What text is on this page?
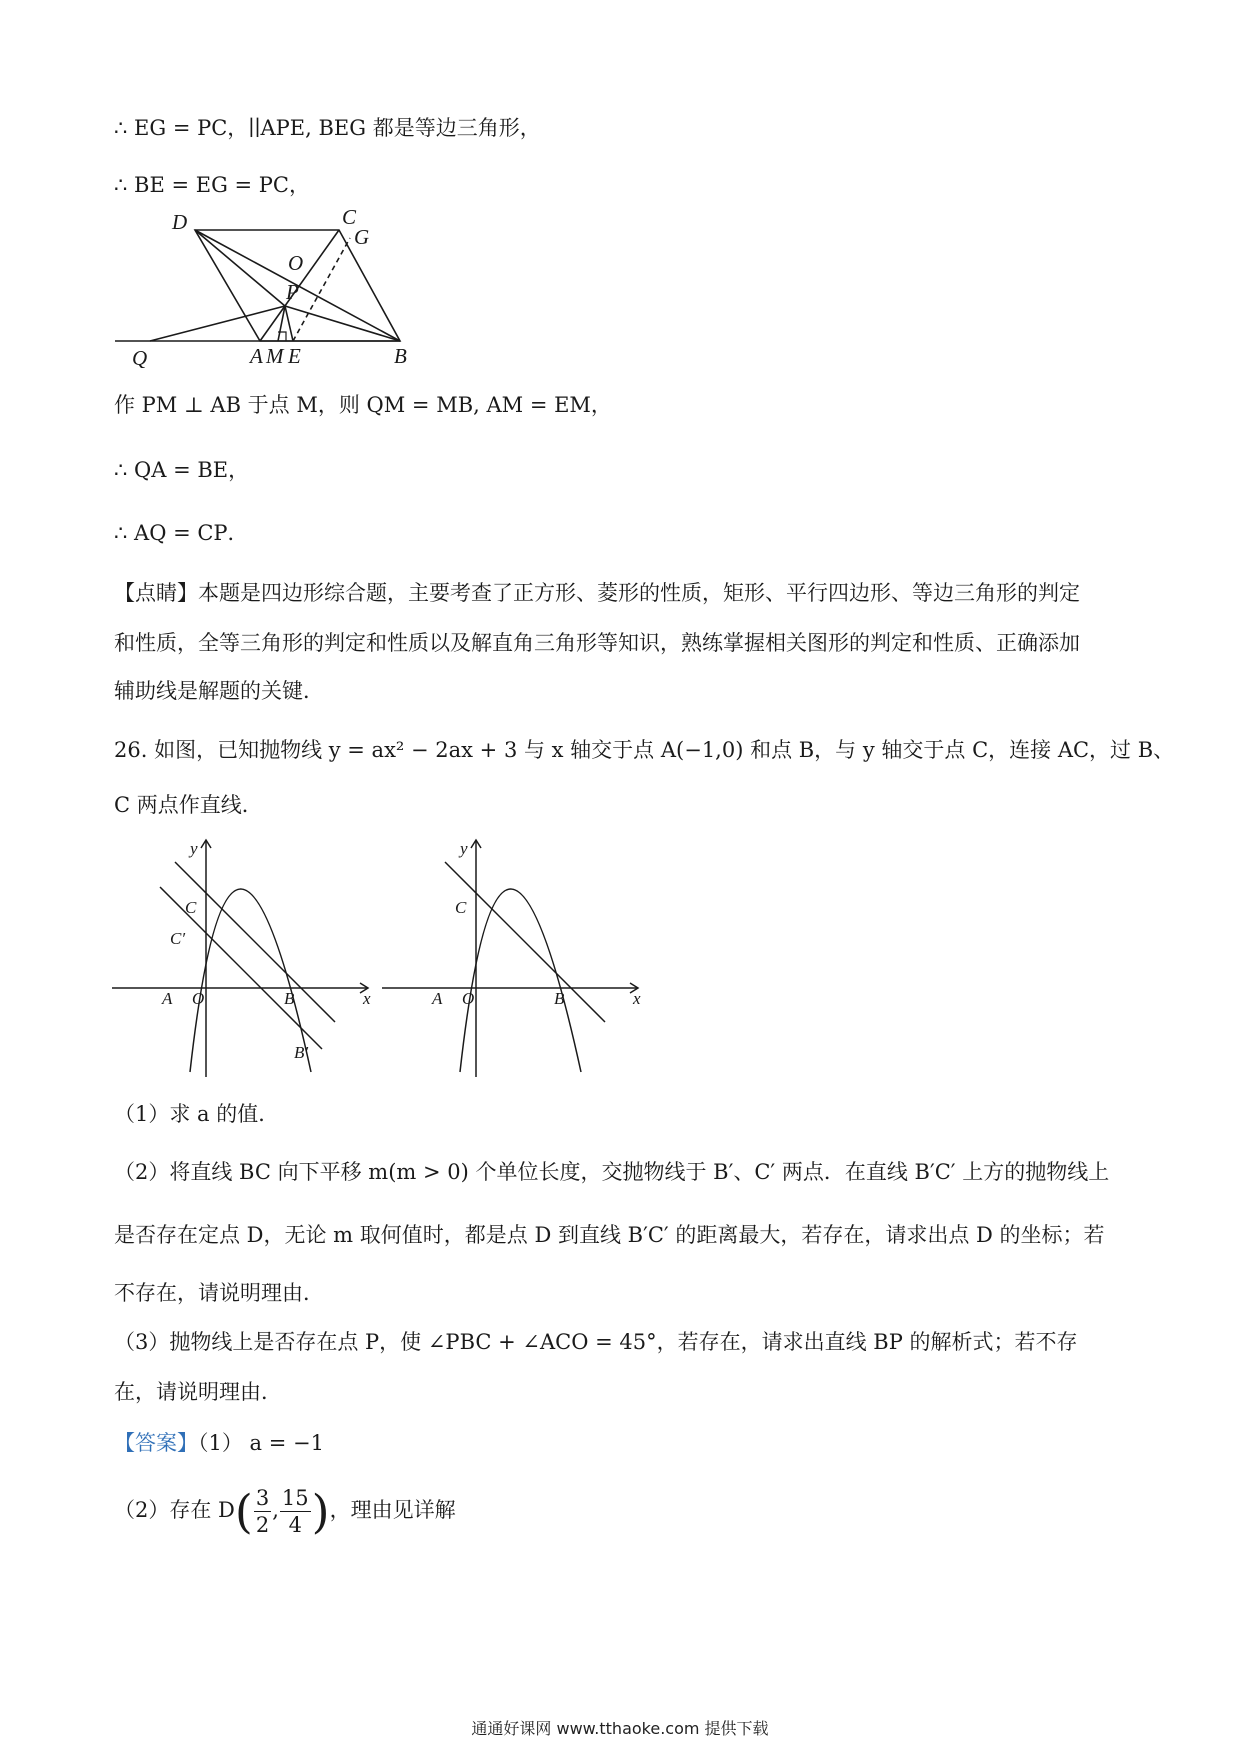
∴ EG = PC，∣∣APE, BEG 都是等边三角形，
∴ BE = EG = PC，
D	C
G
O
P
Q	A M E	B
作 PM ⊥ AB 于点 M，则 QM = MB, AM = EM，
∴ QA = BE，
∴ AQ = CP．
【点睛】本题是四边形综合题，主要考查了正方形、菱形的性质，矩形、平行四边形、等边三角形的判定
和性质，全等三角形的判定和性质以及解直角三角形等知识，熟练掌握相关图形的判定和性质、正确添加
辅助线是解题的关键．
26. 如图，已知抛物线 y = ax² − 2ax + 3 与 x 轴交于点 A(−1,0) 和点 B，与 y 轴交于点 C，连接 AC，过 B、
C 两点作直线．
y
C
C′
A O	B	x
B′
y
C
A O	B	x
（1）求 a 的值．
（2）将直线 BC 向下平移 m(m > 0) 个单位长度，交抛物线于 B′、C′ 两点．在直线 B′C′ 上方的抛物线上
是否存在定点 D，无论 m 取何值时，都是点 D 到直线 B′C′ 的距离最大，若存在，请求出点 D 的坐标；若
不存在，请说明理由．
（3）抛物线上是否存在点 P，使 ∠PBC + ∠ACO = 45°，若存在，请求出直线 BP 的解析式；若不存
在，请说明理由．
【答案】（1） a = −1
（2）存在 $D( \frac{3}{2}$ , $\frac{15}{4}$ )，理由见详解
通通好课网 www.tthaoke.com 提供下载
